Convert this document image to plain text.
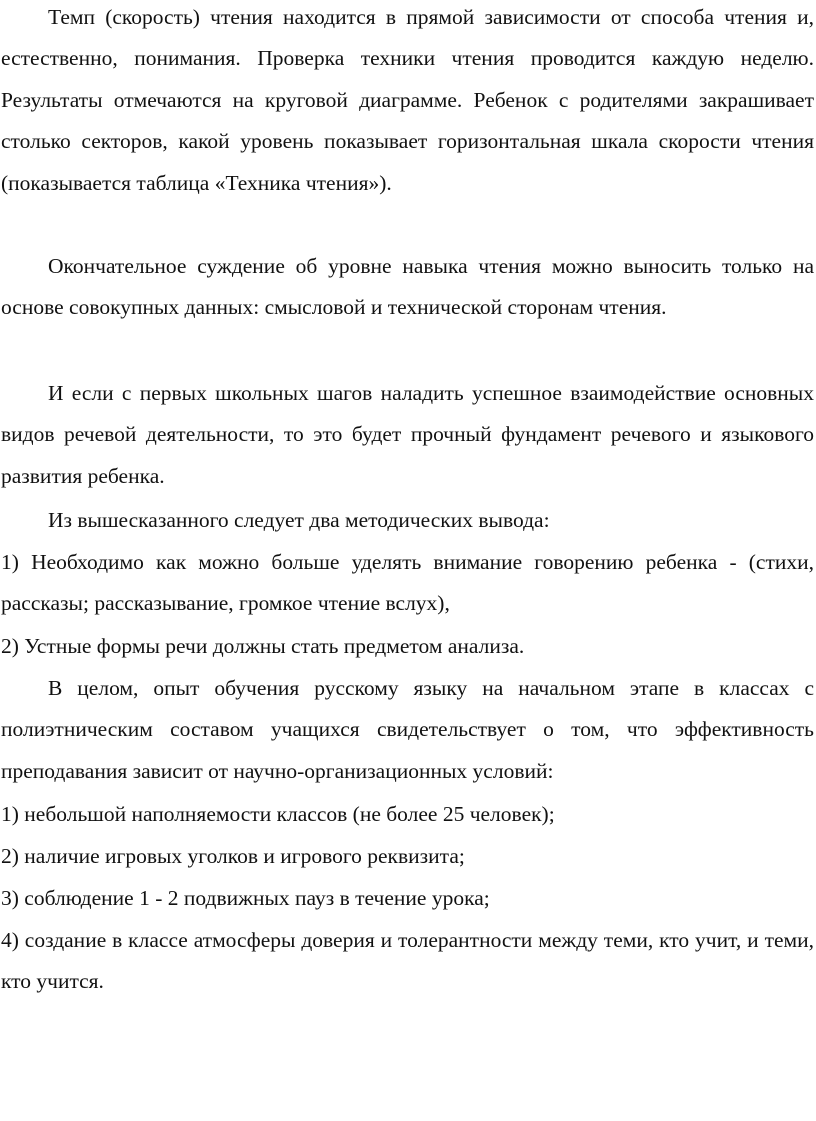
Темп (скорость) чтения находится в прямой зависимости от способа чтения и, естественно, понимания. Проверка техники чтения проводится каждую неделю. Результаты отмечаются на круговой диаграмме. Ребенок с родителями закрашивает столько секторов, какой уровень показывает горизонтальная шкала скорости чтения (показывается таблица «Техника чтения»).

Окончательное суждение об уровне навыка чтения можно выносить только на основе совокупных данных: смысловой и технической сторонам чтения.

И если с первых школьных шагов наладить успешное взаимодействие основных видов речевой деятельности, то это будет прочный фундамент речевого и языкового развития ребенка.

Из вышесказанного следует два методических вывода:

1) Необходимо как можно больше уделять внимание говорению ребенка - (стихи, рассказы; рассказывание, громкое чтение вслух),

2) Устные формы речи должны стать предметом анализа.

В целом, опыт обучения русскому языку на начальном этапе в классах с полиэтническим составом учащихся свидетельствует о том, что эффективность преподавания зависит от научно-организационных условий:

1) небольшой наполняемости классов (не более 25 человек);

2) наличие игровых уголков и игрового реквизита;

3) соблюдение 1 - 2 подвижных пауз в течение урока;

4) создание в классе атмосферы доверия и толерантности между теми, кто учит, и теми, кто учится.
